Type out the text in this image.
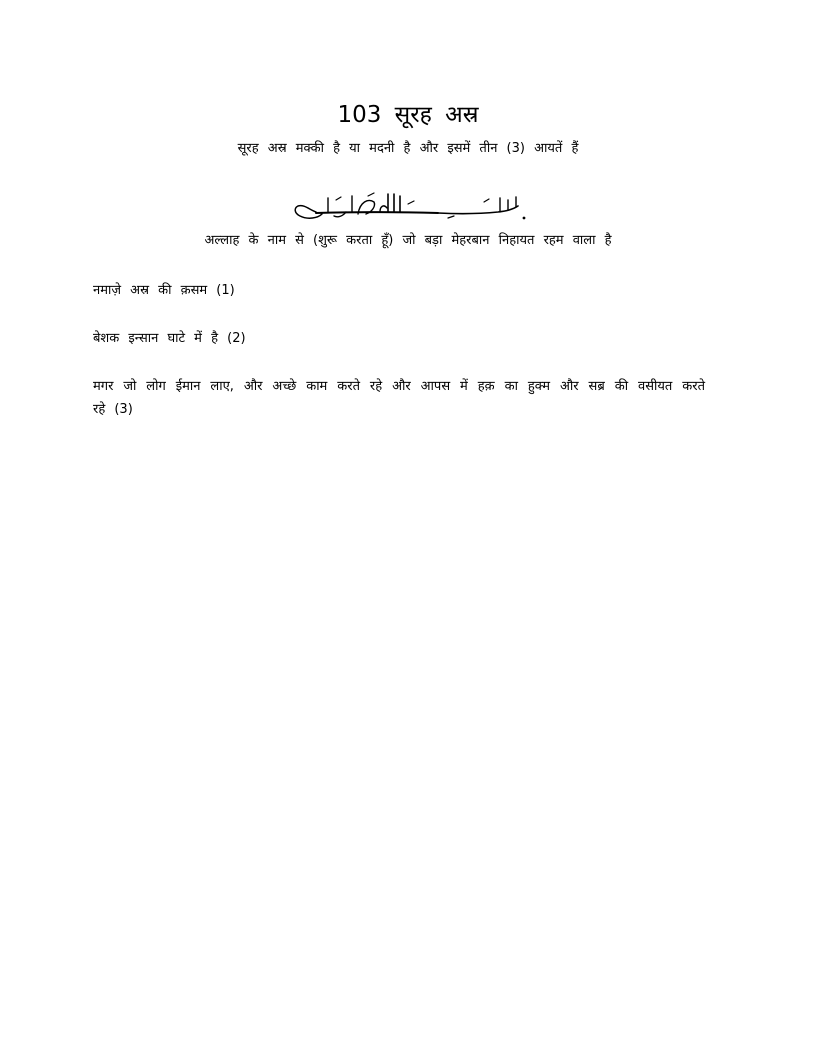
103 सूरह अस्र
सूरह अस्र मक्की है या मदनी है और इसमें तीन (3) आयतें हैं
अल्लाह के नाम से (शुरू करता हूँ) जो बड़ा मेहरबान निहायत रहम वाला है
नमाज़े अस्र की क़सम (1)
बेशक इन्सान घाटे में है (2)
मगर जो लोग ईमान लाए, और अच्छे काम करते रहे और आपस में हक़ का हुक्म और सब्र की वसीयत करते रहे (3)
